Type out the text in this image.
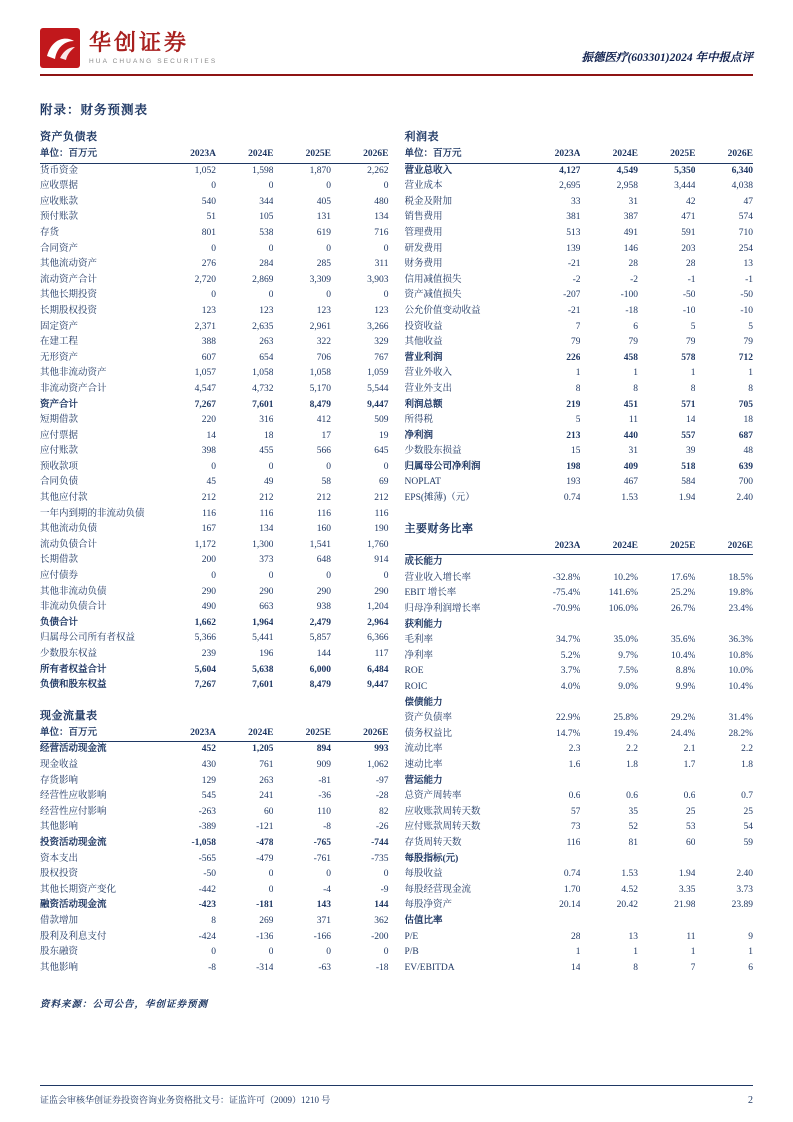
华创证券
HUA CHUANG SECURITIES	振德医疗(603301)2024 年中报点评
附录：财务预测表
资产负债表
单位：百万元	2023A	2024E	2025E	2026E
货币资金	1,052	1,598	1,870	2,262
应收票据	0	0	0	0
应收账款	540	344	405	480
预付账款	51	105	131	134
存货	801	538	619	716
合同资产	0	0	0	0
其他流动资产	276	284	285	311
流动资产合计	2,720	2,869	3,309	3,903
其他长期投资	0	0	0	0
长期股权投资	123	123	123	123
固定资产	2,371	2,635	2,961	3,266
在建工程	388	263	322	329
无形资产	607	654	706	767
其他非流动资产	1,057	1,058	1,058	1,059
非流动资产合计	4,547	4,732	5,170	5,544
资产合计	7,267	7,601	8,479	9,447
短期借款	220	316	412	509
应付票据	14	18	17	19
应付账款	398	455	566	645
预收款项	0	0	0	0
合同负债	45	49	58	69
其他应付款	212	212	212	212
一年内到期的非流动负债	116	116	116	116
其他流动负债	167	134	160	190
流动负债合计	1,172	1,300	1,541	1,760
长期借款	200	373	648	914
应付债券	0	0	0	0
其他非流动负债	290	290	290	290
非流动负债合计	490	663	938	1,204
负债合计	1,662	1,964	2,479	2,964
归属母公司所有者权益	5,366	5,441	5,857	6,366
少数股东权益	239	196	144	117
所有者权益合计	5,604	5,638	6,000	6,484
负债和股东权益	7,267	7,601	8,479	9,447
现金流量表
单位：百万元	2023A	2024E	2025E	2026E
经营活动现金流	452	1,205	894	993
现金收益	430	761	909	1,062
存货影响	129	263	-81	-97
经营性应收影响	545	241	-36	-28
经营性应付影响	-263	60	110	82
其他影响	-389	-121	-8	-26
投资活动现金流	-1,058	-478	-765	-744
资本支出	-565	-479	-761	-735
股权投资	-50	0	0	0
其他长期资产变化	-442	0	-4	-9
融资活动现金流	-423	-181	143	144
借款增加	8	269	371	362
股利及利息支付	-424	-136	-166	-200
股东融资	0	0	0	0
其他影响	-8	-314	-63	-18
利润表
单位：百万元	2023A	2024E	2025E	2026E
营业总收入	4,127	4,549	5,350	6,340
营业成本	2,695	2,958	3,444	4,038
税金及附加	33	31	42	47
销售费用	381	387	471	574
管理费用	513	491	591	710
研发费用	139	146	203	254
财务费用	-21	28	28	13
信用减值损失	-2	-2	-1	-1
资产减值损失	-207	-100	-50	-50
公允价值变动收益	-21	-18	-10	-10
投资收益	7	6	5	5
其他收益	79	79	79	79
营业利润	226	458	578	712
营业外收入	1	1	1	1
营业外支出	8	8	8	8
利润总额	219	451	571	705
所得税	5	11	14	18
净利润	213	440	557	687
少数股东损益	15	31	39	48
归属母公司净利润	198	409	518	639
NOPLAT	193	467	584	700
EPS(摊薄)（元）	0.74	1.53	1.94	2.40
主要财务比率
	2023A	2024E	2025E	2026E
成长能力				
营业收入增长率	-32.8%	10.2%	17.6%	18.5%
EBIT 增长率	-75.4%	141.6%	25.2%	19.8%
归母净利润增长率	-70.9%	106.0%	26.7%	23.4%
获利能力				
毛利率	34.7%	35.0%	35.6%	36.3%
净利率	5.2%	9.7%	10.4%	10.8%
ROE	3.7%	7.5%	8.8%	10.0%
ROIC	4.0%	9.0%	9.9%	10.4%
偿债能力				
资产负债率	22.9%	25.8%	29.2%	31.4%
债务权益比	14.7%	19.4%	24.4%	28.2%
流动比率	2.3	2.2	2.1	2.2
速动比率	1.6	1.8	1.7	1.8
营运能力				
总资产周转率	0.6	0.6	0.6	0.7
应收账款周转天数	57	35	25	25
应付账款周转天数	73	52	53	54
存货周转天数	116	81	60	59
每股指标(元)				
每股收益	0.74	1.53	1.94	2.40
每股经营现金流	1.70	4.52	3.35	3.73
每股净资产	20.14	20.42	21.98	23.89
估值比率				
P/E	28	13	11	9
P/B	1	1	1	1
EV/EBITDA	14	8	7	6
资料来源：公司公告，华创证券预测
证监会审核华创证券投资咨询业务资格批文号：证监许可（2009）1210 号	2
